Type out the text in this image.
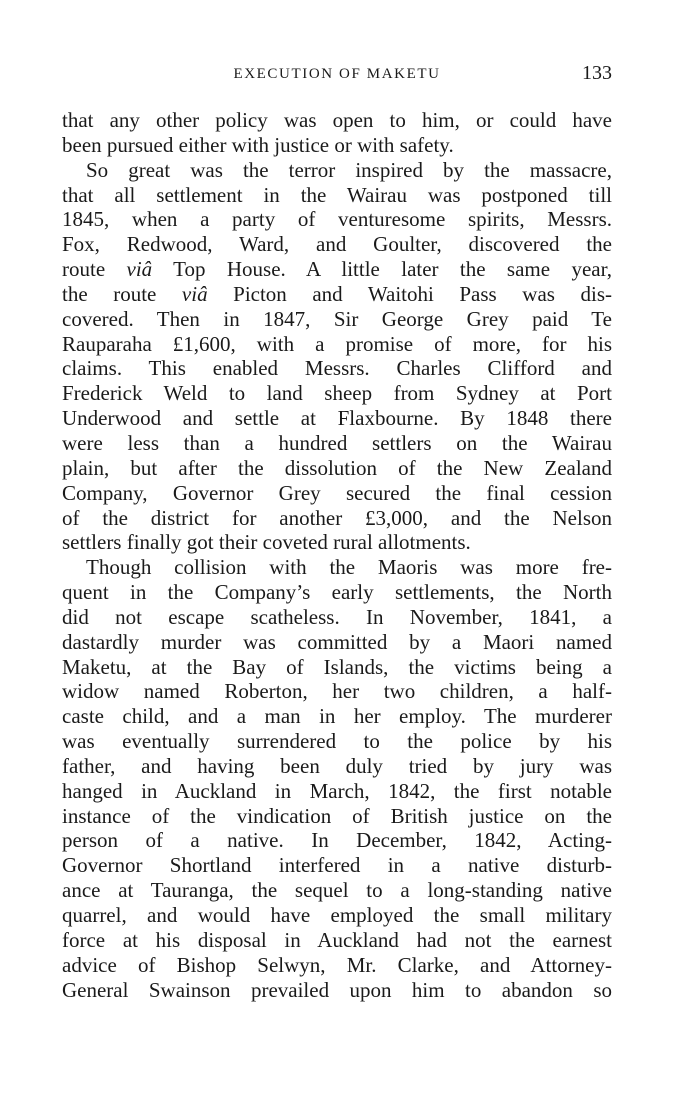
EXECUTION OF MAKETU	133
that any other policy was open to him, or could have
been pursued either with justice or with safety.
So great was the terror inspired by the massacre,
that all settlement in the Wairau was postponed till
1845, when a party of venturesome spirits, Messrs.
Fox, Redwood, Ward, and Goulter, discovered the
route viâ Top House. A little later the same year,
the route viâ Picton and Waitohi Pass was dis-
covered. Then in 1847, Sir George Grey paid Te
Rauparaha £1,600, with a promise of more, for his
claims. This enabled Messrs. Charles Clifford and
Frederick Weld to land sheep from Sydney at Port
Underwood and settle at Flaxbourne. By 1848 there
were less than a hundred settlers on the Wairau
plain, but after the dissolution of the New Zealand
Company, Governor Grey secured the final cession
of the district for another £3,000, and the Nelson
settlers finally got their coveted rural allotments.
Though collision with the Maoris was more fre-
quent in the Company’s early settlements, the North
did not escape scatheless. In November, 1841, a
dastardly murder was committed by a Maori named
Maketu, at the Bay of Islands, the victims being a
widow named Roberton, her two children, a half-
caste child, and a man in her employ. The murderer
was eventually surrendered to the police by his
father, and having been duly tried by jury was
hanged in Auckland in March, 1842, the first notable
instance of the vindication of British justice on the
person of a native. In December, 1842, Acting-
Governor Shortland interfered in a native disturb-
ance at Tauranga, the sequel to a long-standing native
quarrel, and would have employed the small military
force at his disposal in Auckland had not the earnest
advice of Bishop Selwyn, Mr. Clarke, and Attorney-
General Swainson prevailed upon him to abandon so
